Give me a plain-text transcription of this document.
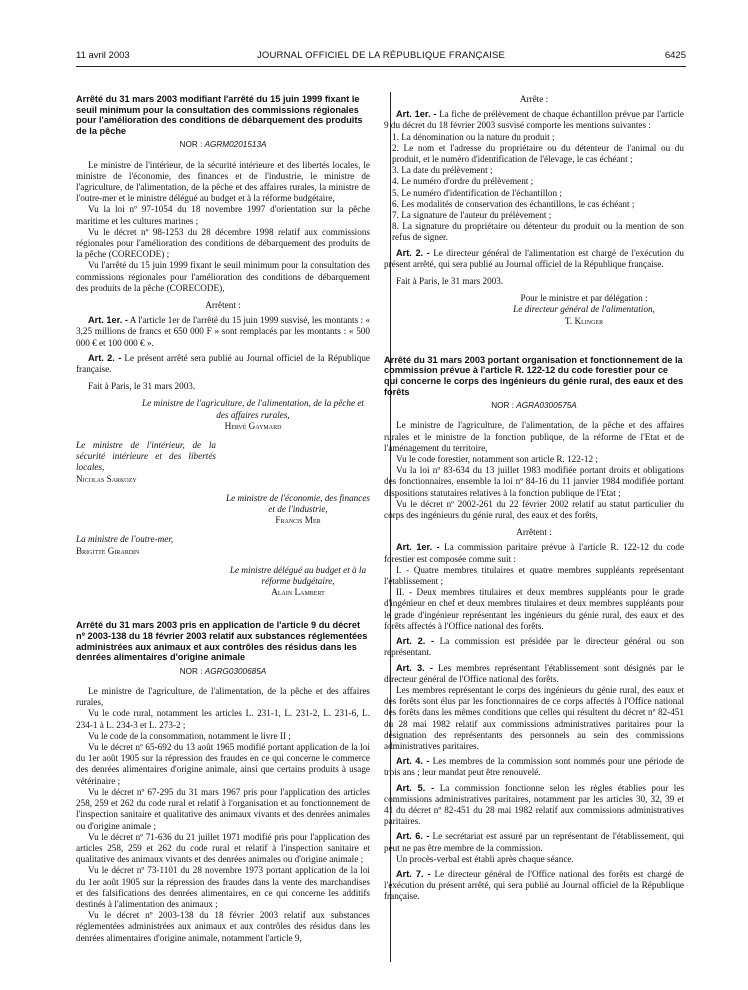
11 avril 2003	JOURNAL OFFICIEL DE LA RÉPUBLIQUE FRANÇAISE	6425

Arrêté du 31 mars 2003 modifiant l'arrêté du 15 juin 1999 fixant le seuil minimum pour la consultation des commissions régionales pour l'amélioration des conditions de débarquement des produits de la pêche

NOR : AGRM0201513A

Le ministre de l'intérieur, de la sécurité intérieure et des libertés locales, le ministre de l'économie, des finances et de l'industrie, le ministre de l'agriculture, de l'alimentation, de la pêche et des affaires rurales, la ministre de l'outre-mer et le ministre délégué au budget et à la réforme budgétaire,

Vu la loi nº 97-1054 du 18 novembre 1997 d'orientation sur la pêche maritime et les cultures marines ;

Vu le décret nº 98-1253 du 28 décembre 1998 relatif aux commissions régionales pour l'amélioration des conditions de débarquement des produits de la pêche (CORECODE) ;

Vu l'arrêté du 15 juin 1999 fixant le seuil minimum pour la consultation des commissions régionales pour l'amélioration des conditions de débarquement des produits de la pêche (CORECODE),

Arrêtent :

Art. 1er. - A l'article 1er de l'arrêté du 15 juin 1999 susvisé, les montants : « 3,25 millions de francs et 650 000 F » sont remplacés par les montants : « 500 000 € et 100 000 € ».

Art. 2. - Le présent arrêté sera publié au Journal officiel de la République française.

Fait à Paris, le 31 mars 2003.

Le ministre de l'agriculture, de l'alimentation, de la pêche et des affaires rurales,

Hervé Gaymard

Le ministre de l'intérieur, de la sécurité intérieure et des libertés locales,

Nicolas Sarkozy

Le ministre de l'économie, des finances et de l'industrie,

Francis Mer

La ministre de l'outre-mer,

Brigitte Girardin

Le ministre délégué au budget et à la réforme budgétaire,

Alain Lambert

Arrêté du 31 mars 2003 pris en application de l'article 9 du décret nº 2003-138 du 18 février 2003 relatif aux substances réglementées administrées aux animaux et aux contrôles des résidus dans les denrées alimentaires d'origine animale

NOR : AGRG0300685A

Le ministre de l'agriculture, de l'alimentation, de la pêche et des affaires rurales,

Vu le code rural, notamment les articles L. 231-1, L. 231-2, L. 231-6, L. 234-1 à L. 234-3 et L. 273-2 ;

Vu le code de la consommation, notamment le livre II ;

Vu le décret nº 65-692 du 13 août 1965 modifié portant application de la loi du 1er août 1905 sur la répression des fraudes en ce qui concerne le commerce des denrées alimentaires d'origine animale, ainsi que certains produits à usage vétérinaire ;

Vu le décret nº 67-295 du 31 mars 1967 pris pour l'application des articles 258, 259 et 262 du code rural et relatif à l'organisation et au fonctionnement de l'inspection sanitaire et qualitative des animaux vivants et des denrées animales ou d'origine animale ;

Vu le décret nº 71-636 du 21 juillet 1971 modifié pris pour l'application des articles 258, 259 et 262 du code rural et relatif à l'inspection sanitaire et qualitative des animaux vivants et des denrées animales ou d'origine animale ;

Vu le décret nº 73-1101 du 28 novembre 1973 portant application de la loi du 1er août 1905 sur la répression des fraudes dans la vente des marchandises et des falsifications des denrées alimentaires, en ce qui concerne les additifs destinés à l'alimentation des animaux ;

Vu le décret nº 2003-138 du 18 février 2003 relatif aux substances réglementées administrées aux animaux et aux contrôles des résidus dans les denrées alimentaires d'origine animale, notamment l'article 9,

Arrête :

Art. 1er. - La fiche de prélèvement de chaque échantillon prévue par l'article 9 du décret du 18 février 2003 susvisé comporte les mentions suivantes :

1. La dénomination ou la nature du produit ;

2. Le nom et l'adresse du propriétaire ou du détenteur de l'animal ou du produit, et le numéro d'identification de l'élevage, le cas échéant ;

3. La date du prélèvement ;

4. Le numéro d'ordre du prélèvement ;

5. Le numéro d'identification de l'échantillon ;

6. Les modalités de conservation des échantillons, le cas échéant ;

7. La signature de l'auteur du prélèvement ;

8. La signature du propriétaire ou détenteur du produit ou la mention de son refus de signer.

Art. 2. - Le directeur général de l'alimentation est chargé de l'exécution du présent arrêté, qui sera publié au Journal officiel de la République française.

Fait à Paris, le 31 mars 2003.

Pour le ministre et par délégation :

Le directeur général de l'alimentation,

T. Klinger

Arrêté du 31 mars 2003 portant organisation et fonctionnement de la commission prévue à l'article R. 122-12 du code forestier pour ce qui concerne le corps des ingénieurs du génie rural, des eaux et des forêts

NOR : AGRA0300575A

Le ministre de l'agriculture, de l'alimentation, de la pêche et des affaires rurales et le ministre de la fonction publique, de la réforme de l'Etat et de l'aménagement du territoire,

Vu le code forestier, notamment son article R. 122-12 ;

Vu la loi nº 83-634 du 13 juillet 1983 modifiée portant droits et obligations des fonctionnaires, ensemble la loi nº 84-16 du 11 janvier 1984 modifiée portant dispositions statutaires relatives à la fonction publique de l'Etat ;

Vu le décret nº 2002-261 du 22 février 2002 relatif au statut particulier du corps des ingénieurs du génie rural, des eaux et des forêts,

Arrêtent :

Art. 1er. - La commission paritaire prévue à l'article R. 122-12 du code forestier est composée comme suit :

I. - Quatre membres titulaires et quatre membres suppléants représentant l'établissement ;

II. - Deux membres titulaires et deux membres suppléants pour le grade d'ingénieur en chef et deux membres titulaires et deux membres suppléants pour le grade d'ingénieur représentant les ingénieurs du génie rural, des eaux et des forêts affectés à l'Office national des forêts.

Art. 2. - La commission est présidée par le directeur général ou son représentant.

Art. 3. - Les membres représentant l'établissement sont désignés par le directeur général de l'Office national des forêts.

Les membres représentant le corps des ingénieurs du génie rural, des eaux et des forêts sont élus par les fonctionnaires de ce corps affectés à l'Office national des forêts dans les mêmes conditions que celles qui résultent du décret nº 82-451 du 28 mai 1982 relatif aux commissions administratives paritaires pour la désignation des représentants des personnels au sein des commissions administratives paritaires.

Art. 4. - Les membres de la commission sont nommés pour une période de trois ans ; leur mandat peut être renouvelé.

Art. 5. - La commission fonctionne selon les règles établies pour les commissions administratives paritaires, notamment par les articles 30, 32, 39 et 41 du décret nº 82-451 du 28 mai 1982 relatif aux commissions administratives paritaires.

Art. 6. - Le secrétariat est assuré par un représentant de l'établissement, qui peut ne pas être membre de la commission.

Un procès-verbal est établi après chaque séance.

Art. 7. - Le directeur général de l'Office national des forêts est chargé de l'exécution du présent arrêté, qui sera publié au Journal officiel de la République française.
